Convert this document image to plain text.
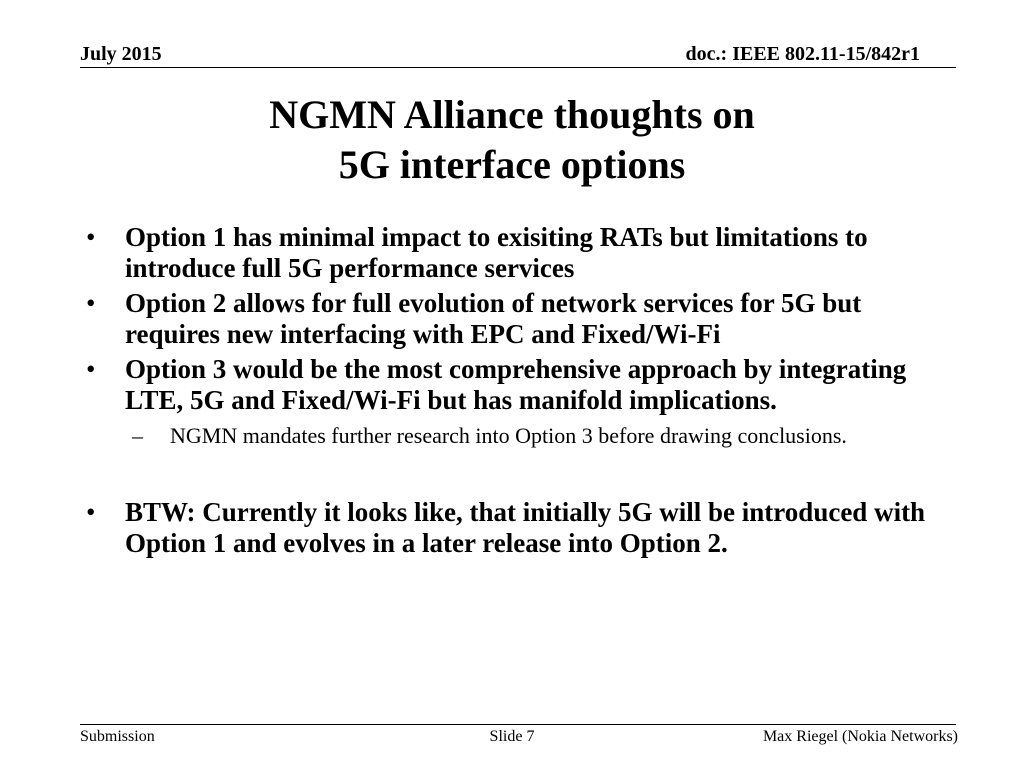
July 2015	doc.: IEEE 802.11-15/842r1
NGMN Alliance thoughts on
5G interface options
• Option 1 has minimal impact to exisiting RATs but limitations to introduce full 5G performance services
• Option 2 allows for full evolution of network services for 5G but requires new interfacing with EPC and Fixed/Wi-Fi
• Option 3 would be the most comprehensive approach by integrating LTE, 5G and Fixed/Wi-Fi but has manifold implications.
– NGMN mandates further research into Option 3 before drawing conclusions.
• BTW: Currently it looks like, that initially 5G will be introduced with Option 1 and evolves in a later release into Option 2.
Submission	Slide 7	Max Riegel (Nokia Networks)
